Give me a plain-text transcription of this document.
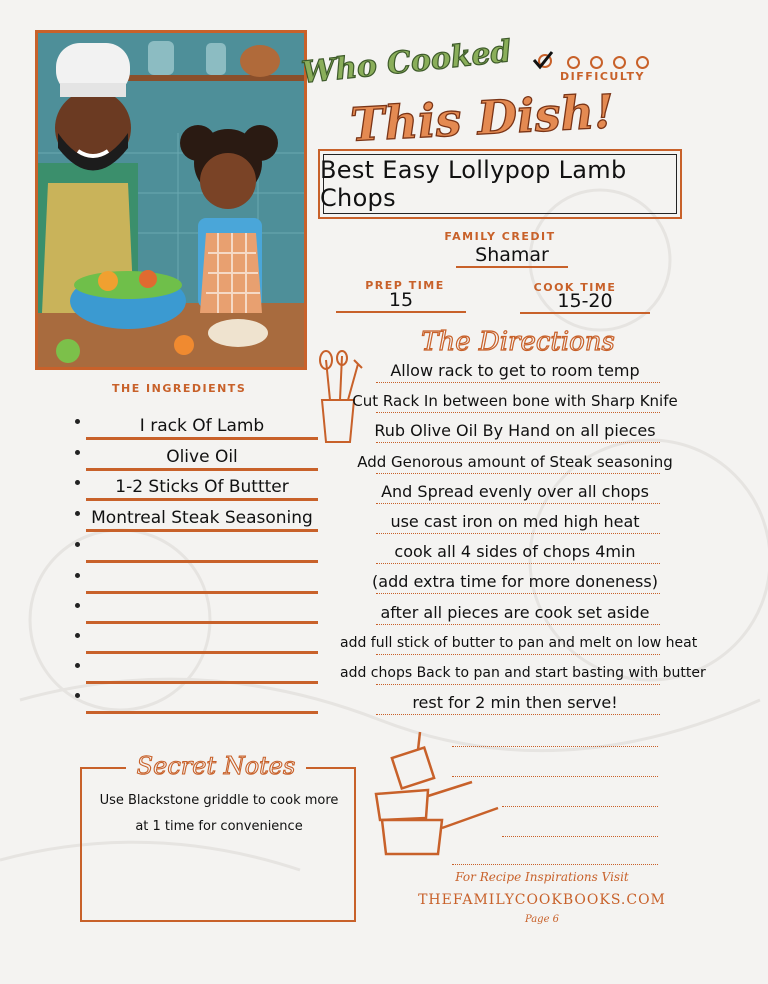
Who Cooked
This Dish!
DIFFICULTY
Best Easy Lollypop Lamb Chops
FAMILY CREDIT
Shamar
PREP TIME
15
COOK TIME
15-20
THE INGREDIENTS
I rack Of Lamb
Olive Oil
1-2 Sticks Of Buttter
Montreal Steak Seasoning
The Directions
Allow rack to get to room temp
Cut Rack In between bone with Sharp Knife
Rub Olive Oil By Hand on all pieces
Add Genorous amount of Steak seasoning
And Spread evenly over all chops
use cast iron on med high heat
cook all 4 sides of chops 4min
(add extra time for more doneness)
after all pieces are cook set aside
add full stick of butter to pan and melt on low heat
add chops Back to pan and start basting with butter
rest for 2 min then serve!
Secret Notes
Use Blackstone griddle to cook more
at 1 time for convenience
For Recipe Inspirations Visit
THEFAMILYCOOKBOOKS.COM
Page 6
